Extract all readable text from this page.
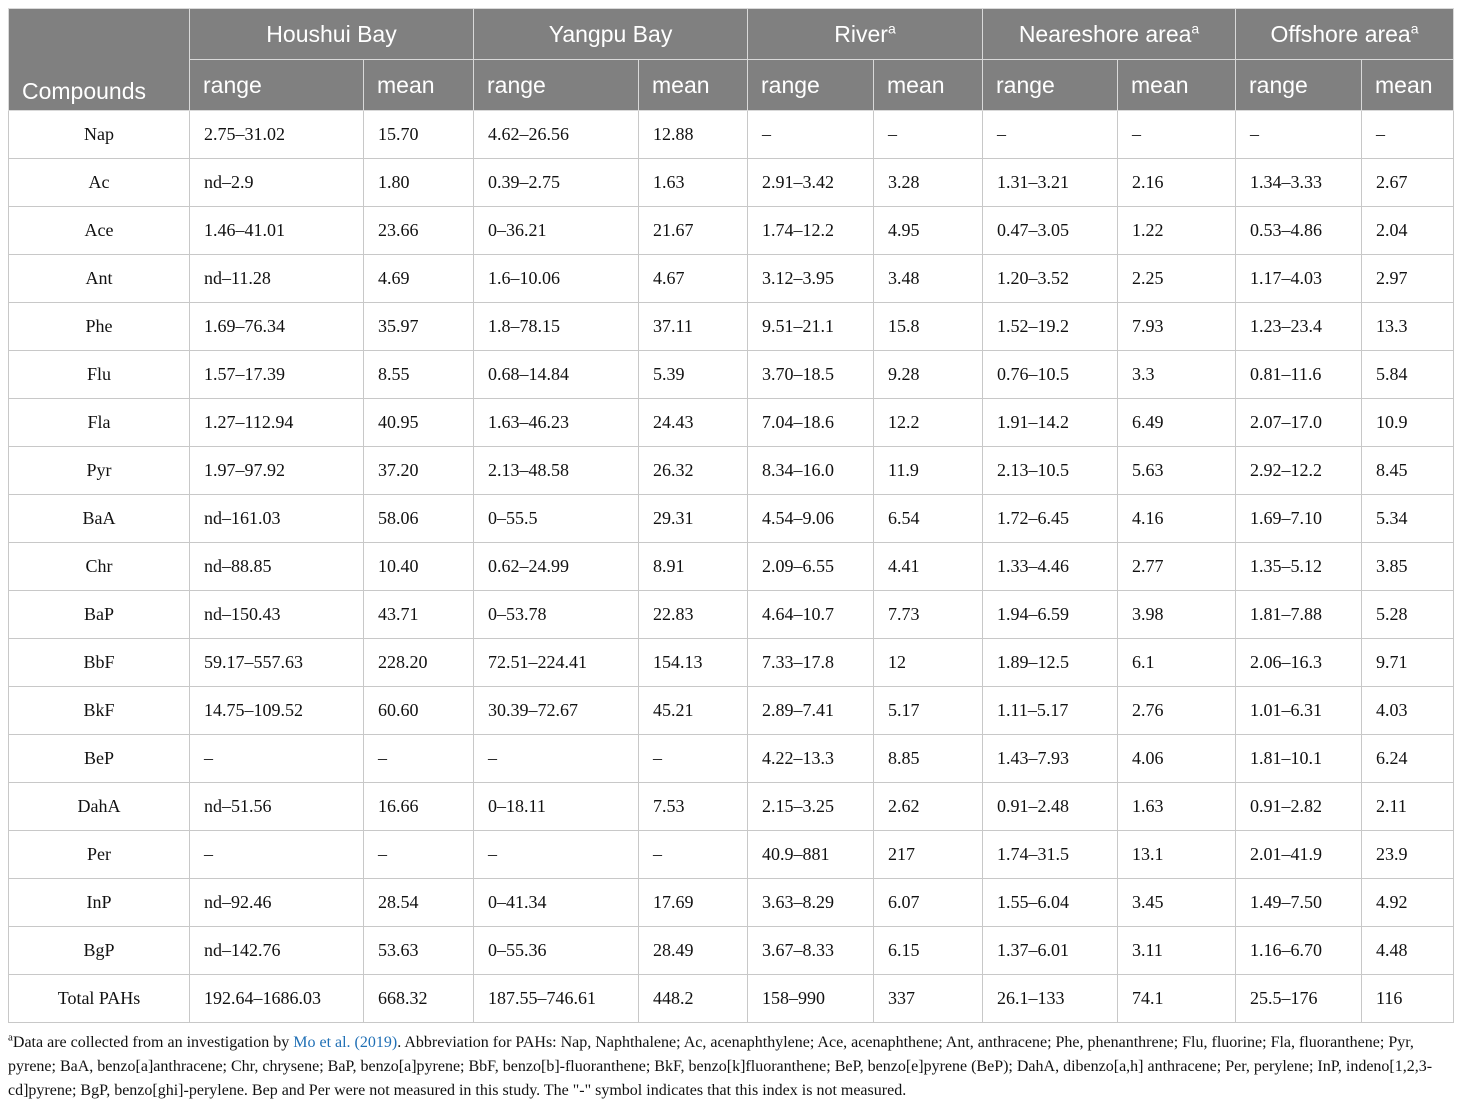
Compounds	Houshui Bay		Yangpu Bay		River$^a$		Neareshore area$^a$		Offshore area$^a$
	range	mean	range	mean	range	mean	range	mean	range	mean
Nap	2.75–31.02	15.70	4.62–26.56	12.88	–	–	–	–	–	–
Ac	nd–2.9	1.80	0.39–2.75	1.63	2.91–3.42	3.28	1.31–3.21	2.16	1.34–3.33	2.67
Ace	1.46–41.01	23.66	0–36.21	21.67	1.74–12.2	4.95	0.47–3.05	1.22	0.53–4.86	2.04
Ant	nd–11.28	4.69	1.6–10.06	4.67	3.12–3.95	3.48	1.20–3.52	2.25	1.17–4.03	2.97
Phe	1.69–76.34	35.97	1.8–78.15	37.11	9.51–21.1	15.8	1.52–19.2	7.93	1.23–23.4	13.3
Flu	1.57–17.39	8.55	0.68–14.84	5.39	3.70–18.5	9.28	0.76–10.5	3.3	0.81–11.6	5.84
Fla	1.27–112.94	40.95	1.63–46.23	24.43	7.04–18.6	12.2	1.91–14.2	6.49	2.07–17.0	10.9
Pyr	1.97–97.92	37.20	2.13–48.58	26.32	8.34–16.0	11.9	2.13–10.5	5.63	2.92–12.2	8.45
BaA	nd–161.03	58.06	0–55.5	29.31	4.54–9.06	6.54	1.72–6.45	4.16	1.69–7.10	5.34
Chr	nd–88.85	10.40	0.62–24.99	8.91	2.09–6.55	4.41	1.33–4.46	2.77	1.35–5.12	3.85
BaP	nd–150.43	43.71	0–53.78	22.83	4.64–10.7	7.73	1.94–6.59	3.98	1.81–7.88	5.28
BbF	59.17–557.63	228.20	72.51–224.41	154.13	7.33–17.8	12	1.89–12.5	6.1	2.06–16.3	9.71
BkF	14.75–109.52	60.60	30.39–72.67	45.21	2.89–7.41	5.17	1.11–5.17	2.76	1.01–6.31	4.03
BeP	–	–	–	–	4.22–13.3	8.85	1.43–7.93	4.06	1.81–10.1	6.24
DahA	nd–51.56	16.66	0–18.11	7.53	2.15–3.25	2.62	0.91–2.48	1.63	0.91–2.82	2.11
Per	–	–	–	–	40.9–881	217	1.74–31.5	13.1	2.01–41.9	23.9
InP	nd–92.46	28.54	0–41.34	17.69	3.63–8.29	6.07	1.55–6.04	3.45	1.49–7.50	4.92
BgP	nd–142.76	53.63	0–55.36	28.49	3.67–8.33	6.15	1.37–6.01	3.11	1.16–6.70	4.48
Total PAHs	192.64–1686.03	668.32	187.55–746.61	448.2	158–990	337	26.1–133	74.1	25.5–176	116
$^a$Data are collected from an investigation by Mo et al. (2019). Abbreviation for PAHs: Nap, Naphthalene; Ac, acenaphthylene; Ace, acenaphthene; Ant, anthracene; Phe, phenanthrene; Flu, fluorine; Fla, fluoranthene; Pyr, pyrene; BaA, benzo[a]anthracene; Chr, chrysene; BaP, benzo[a]pyrene; BbF, benzo[b]-fluoranthene; BkF, benzo[k]fluoranthene; BeP, benzo[e]pyrene (BeP); DahA, dibenzo[a,h] anthracene; Per, perylene; InP, indeno[1,2,3-cd]pyrene; BgP, benzo[ghi]-perylene. Bep and Per were not measured in this study. The "-" symbol indicates that this index is not measured.
